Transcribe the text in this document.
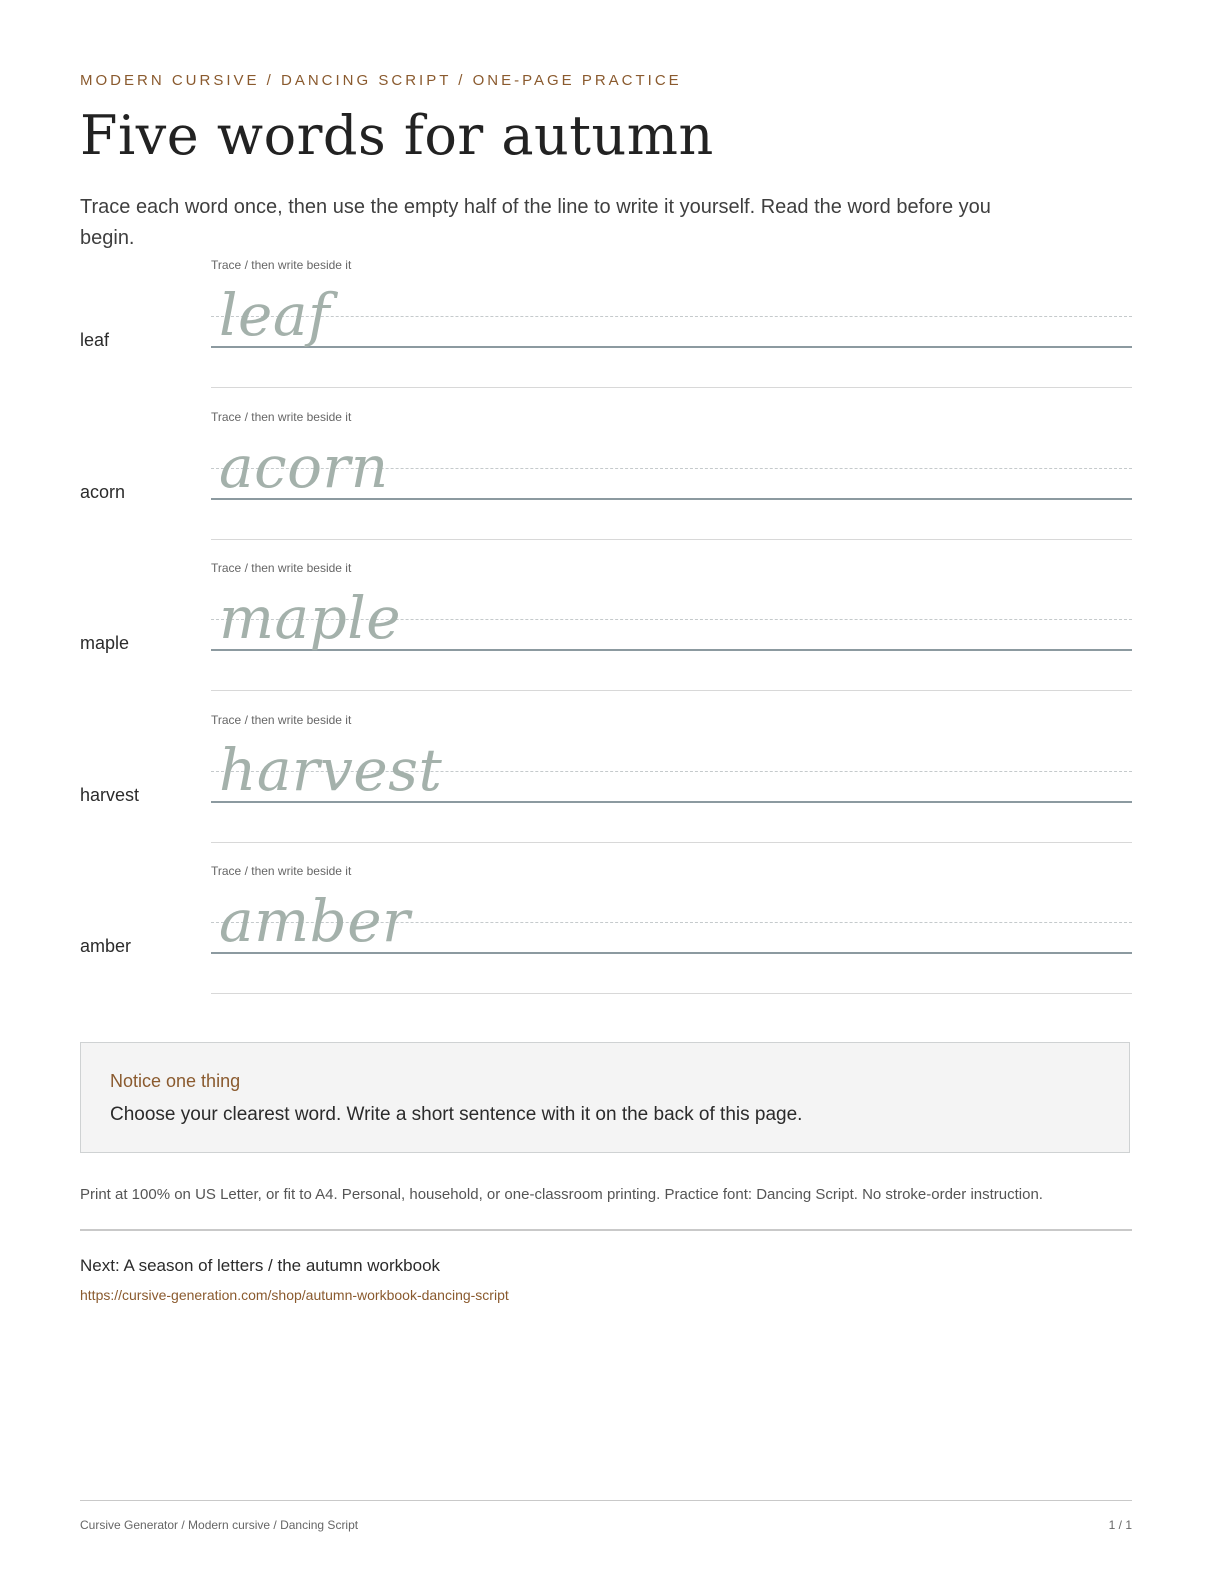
MODERN CURSIVE / DANCING SCRIPT / ONE-PAGE PRACTICE
Five words for autumn

Trace each word once, then use the empty half of the line to write it yourself. Read the word before you begin.

leaf
Trace / then write beside it
leaf
acorn
Trace / then write beside it
acorn
maple
Trace / then write beside it
maple
harvest
Trace / then write beside it
harvest
amber
Trace / then write beside it
amber
Notice one thing
Choose your clearest word. Write a short sentence with it on the back of this page.
Print at 100% on US Letter, or fit to A4. Personal, household, or one-classroom printing. Practice font: Dancing Script. No stroke-order instruction.
Next: A season of letters / the autumn workbook
https://cursive-generation.com/shop/autumn-workbook-dancing-script
Cursive Generator / Modern cursive / Dancing Script	1 / 1
